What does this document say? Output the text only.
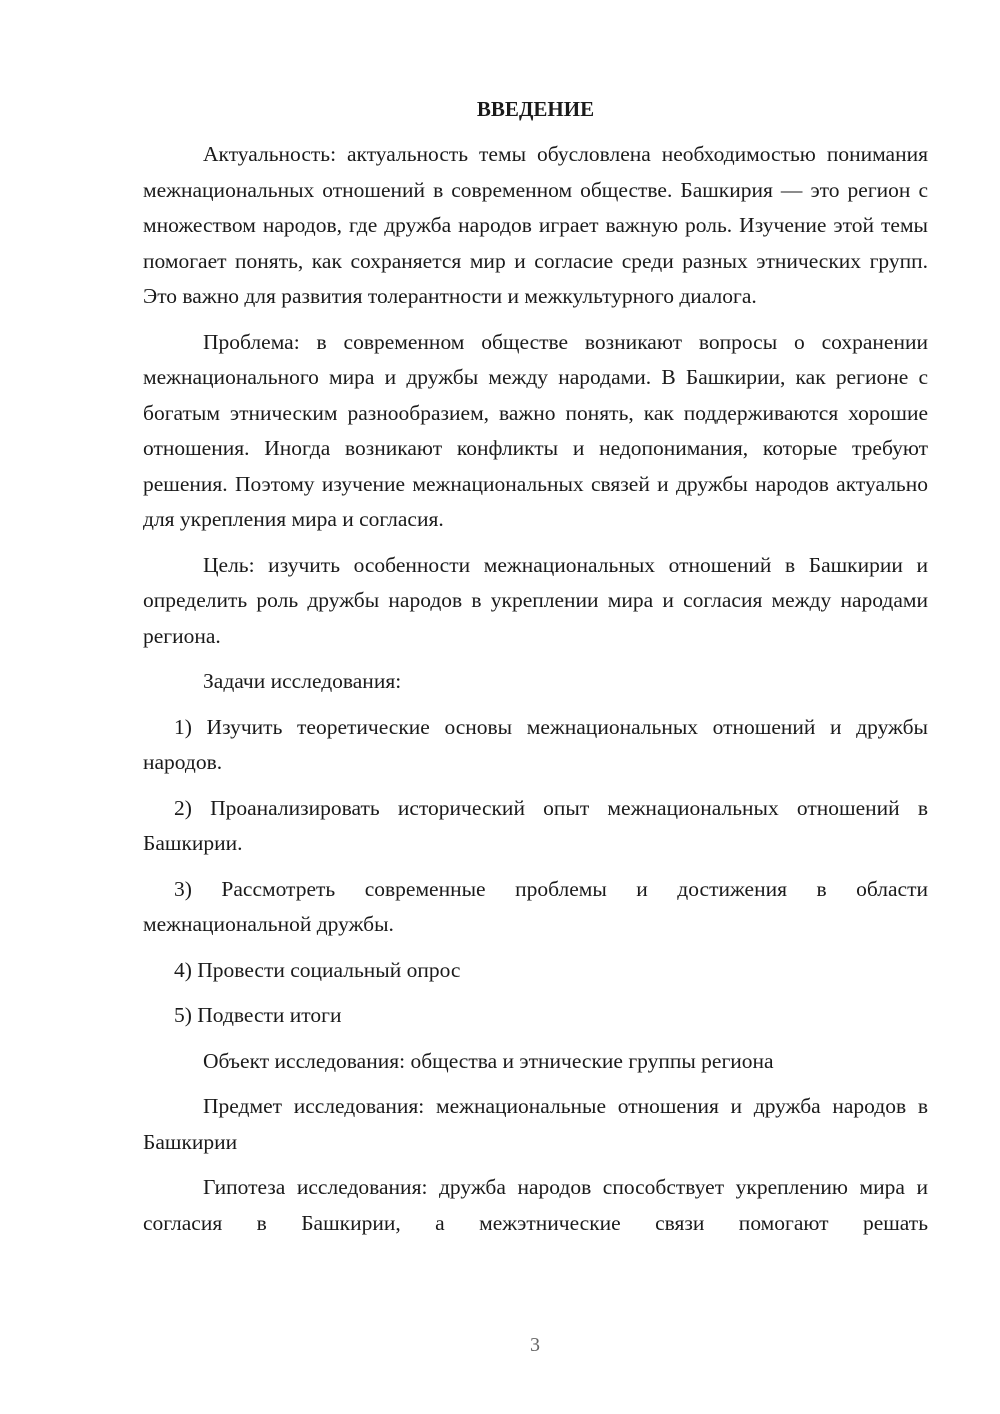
ВВЕДЕНИЕ

Актуальность: актуальность темы обусловлена необходимостью понимания межнациональных отношений в современном обществе. Башкирия — это регион с множеством народов, где дружба народов играет важную роль. Изучение этой темы помогает понять, как сохраняется мир и согласие среди разных этнических групп. Это важно для развития толерантности и межкультурного диалога.

Проблема: в современном обществе возникают вопросы о сохранении межнационального мира и дружбы между народами. В Башкирии, как регионе с богатым этническим разнообразием, важно понять, как поддерживаются хорошие отношения. Иногда возникают конфликты и недопонимания, которые требуют решения. Поэтому изучение межнациональных связей и дружбы народов актуально для укрепления мира и согласия.

Цель: изучить особенности межнациональных отношений в Башкирии и определить роль дружбы народов в укреплении мира и согласия между народами региона.

Задачи исследования:

1) Изучить теоретические основы межнациональных отношений и дружбы народов.

2) Проанализировать исторический опыт межнациональных отношений в Башкирии.

3) Рассмотреть современные проблемы и достижения в области межнациональной дружбы.

4) Провести социальный опрос

5) Подвести итоги

Объект исследования: общества и этнические группы региона

Предмет исследования: межнациональные отношения и дружба народов в Башкирии

Гипотеза исследования: дружба народов способствует укреплению мира и согласия в Башкирии, а межэтнические связи помогают решать

3
